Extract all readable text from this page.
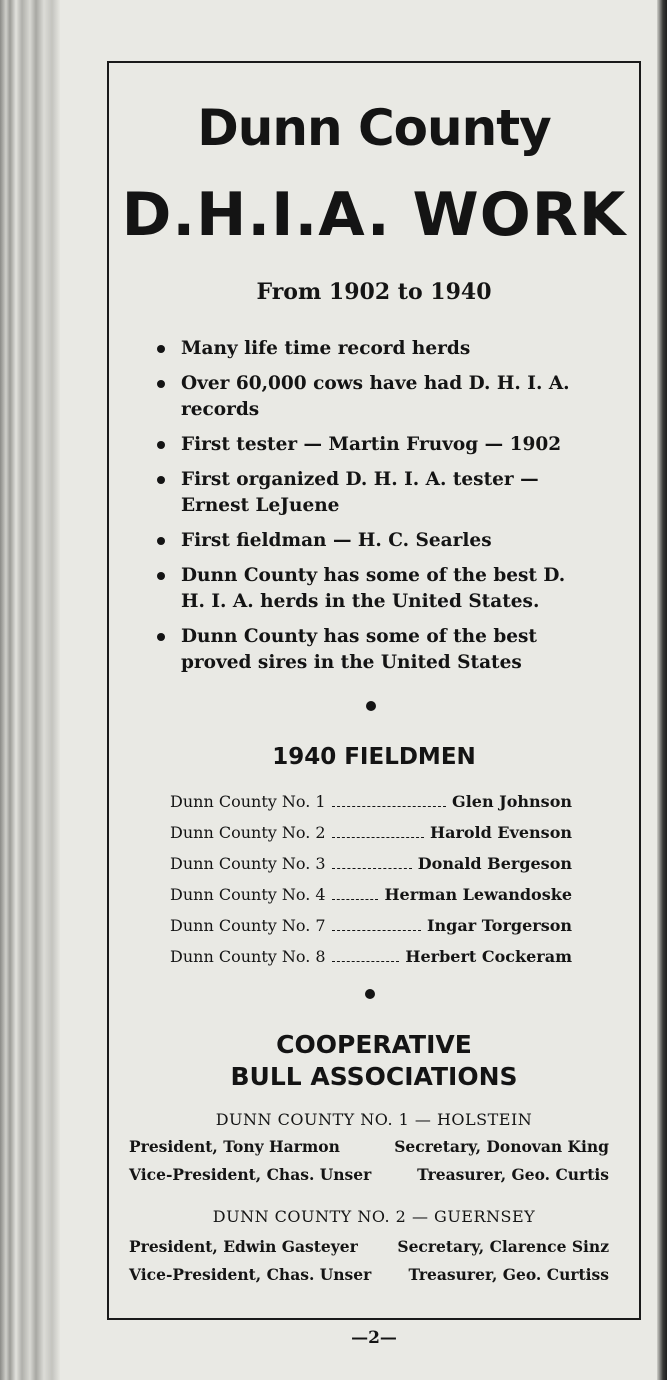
Dunn County
D.H.I.A. WORK
From 1902 to 1940
Many life time record herds
Over 60,000 cows have had D. H. I. A. records
First tester — Martin Fruvog — 1902
First organized D. H. I. A. tester — Ernest LeJuene
First fieldman — H. C. Searles
Dunn County has some of the best D. H. I. A. herds in the United States.
Dunn County has some of the best proved sires in the United States
1940 FIELDMEN
Dunn County No. 1	Glen Johnson
Dunn County No. 2	Harold Evenson
Dunn County No. 3	Donald Bergeson
Dunn County No. 4	Herman Lewandoske
Dunn County No. 7	Ingar Torgerson
Dunn County No. 8	Herbert Cockeram
COOPERATIVE
BULL ASSOCIATIONS
DUNN COUNTY NO. 1 — HOLSTEIN
President, Tony Harmon	Secretary, Donovan King
Vice-President, Chas. Unser	Treasurer, Geo. Curtis
DUNN COUNTY NO. 2 — GUERNSEY
President, Edwin Gasteyer	Secretary, Clarence Sinz
Vice-President, Chas. Unser Treasurer, Geo. Curtiss
—2—
